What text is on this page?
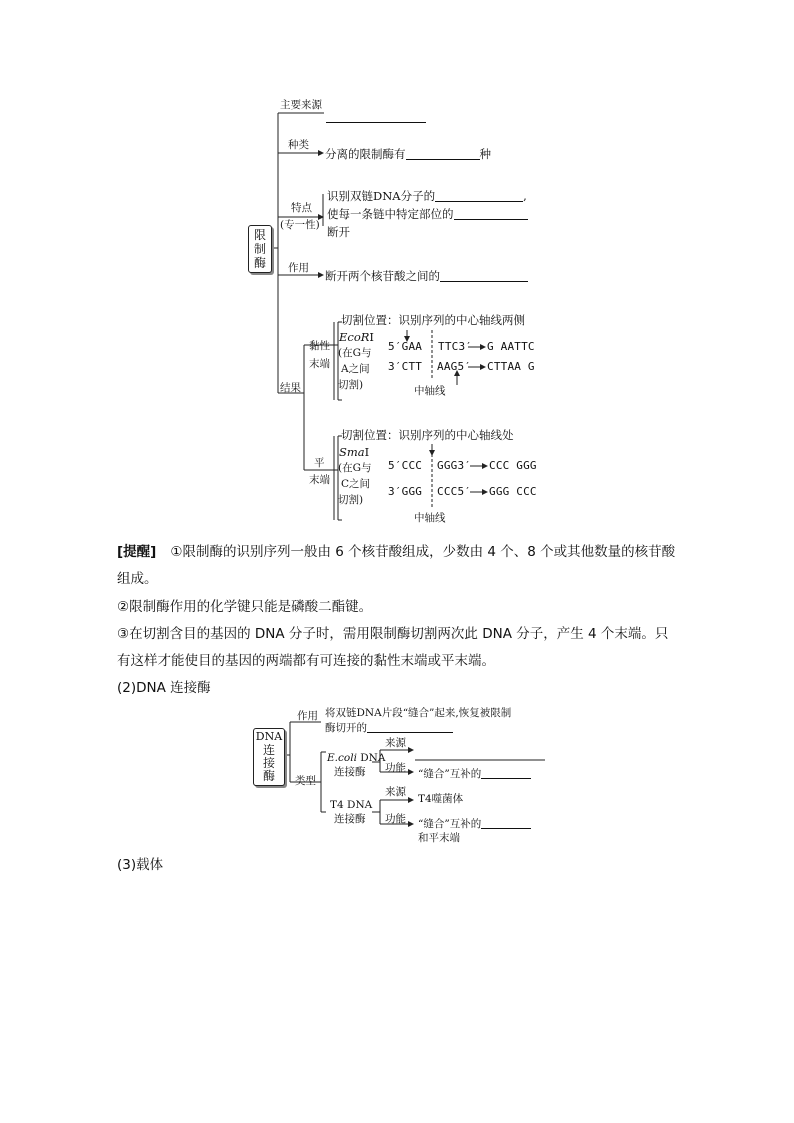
限
制
酶
主要来源
种类
分离的限制酶有	种
特点
(专一性)
识别双链DNA分子的	,
使每一条链中特定部位的
断开
作用
断开两个核苷酸之间的
结果
黏性
末端
切割位置：识别序列的中心轴线两侧
EcoRⅠ
(在G与
A之间
切割)
5′GAA TTC3′ G AATTC
3′CTT AAG5′ CTTAA G
中轴线
平
末端
切割位置：识别序列的中心轴线处
SmaⅠ
(在G与
C之间
切割)
5′CCC GGG3′ CCC GGG
3′GGG CCC5′ GGG CCC
中轴线
[提醒] ①限制酶的识别序列一般由 6 个核苷酸组成，少数由 4 个、8 个或其他数量的核苷酸
组成。
②限制酶作用的化学键只能是磷酸二酯键。
③在切割含目的基因的 DNA 分子时，需用限制酶切割两次此 DNA 分子，产生 4 个末端。只
有这样才能使目的基因的两端都有可连接的黏性末端或平末端。
(2)DNA 连接酶
DNA
连
接
酶
作用 将双链DNA片段“缝合”起来,恢复被限制
酶切开的
类型
E.coli DNA
连接酶
来源
功能 “缝合”互补的
T4 DNA
连接酶
来源
T4噬菌体
功能 “缝合”互补的
和平末端
(3)载体
